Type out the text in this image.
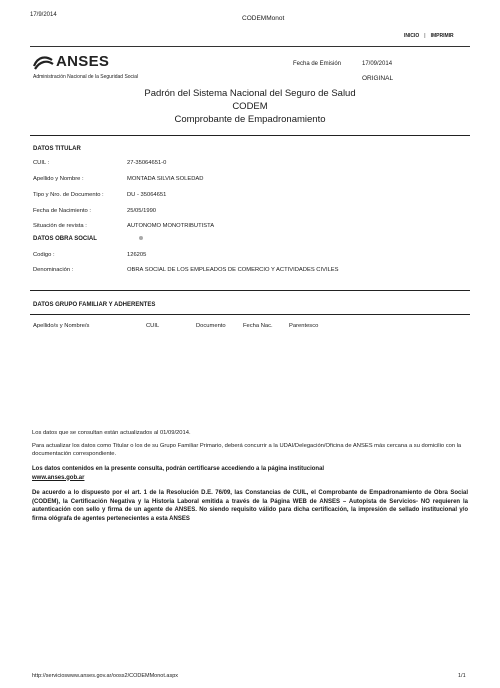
17/9/2014	CODEMMonot
INICIO | IMPRIMIR
ANSES
Administración Nacional de la Seguridad Social
Fecha de Emisión	17/09/2014
ORIGINAL
Padrón del Sistema Nacional del Seguro de Salud
CODEM
Comprobante de Empadronamiento
DATOS TITULAR
CUIL :	27-35064651-0
Apellido y Nombre :	MONTADA SILVIA SOLEDAD
Tipo y Nro. de Documento :	DU - 35064651
Fecha de Nacimiento :	25/05/1990
Situación de revista :	AUTONOMO MONOTRIBUTISTA
DATOS OBRA SOCIAL
Codigo :	126205
Denominación :	OBRA SOCIAL DE LOS EMPLEADOS DE COMERCIO Y ACTIVIDADES CIVILES
DATOS GRUPO FAMILIAR Y ADHERENTES
Apellido/s y Nombre/s	CUIL	Documento	Fecha Nac.	Parentesco
Los datos que se consultan están actualizados al 01/09/2014.
Para actualizar los datos como Titular o los de su Grupo Familiar Primario, deberá concurrir a la UDAI/Delegación/Oficina de ANSES más cercana a su domicilio con la documentación correspondiente.
Los datos contenidos en la presente consulta, podrán certificarse accediendo a la página institucional
www.anses.gob.ar
De acuerdo a lo dispuesto por el art. 1 de la Resolución D.E. 76/09, las Constancias de CUIL, el Comprobante de Empadronamiento de Obra Social (CODEM), la Certificación Negativa y la Historia Laboral emitida a través de la Página WEB de ANSES – Autopista de Servicios- NO requieren la autenticación con sello y firma de un agente de ANSES. No siendo requisito válido para dicha certificación, la impresión de sellado institucional y/o firma ológrafa de agentes pertenecientes a esta ANSES
http://servicioswww.anses.gov.ar/ooss2/CODEMMonot.aspx	1/1
